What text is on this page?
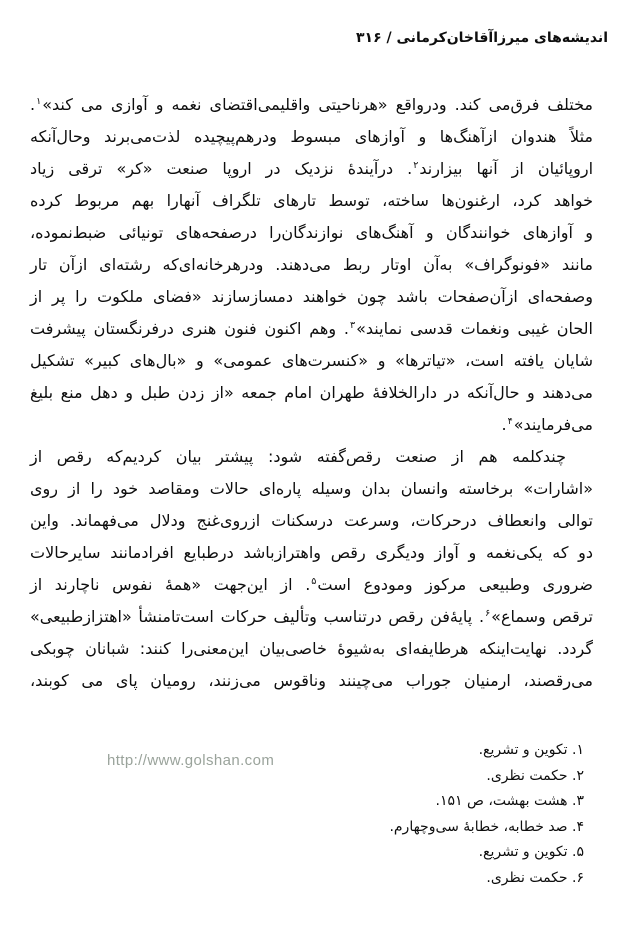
اندیشه‌های میرزاآقاخان‌کرمانی / ۳۱۶
مختلف فرق‌می کند. ودرواقع «هرناحیتی واقلیمی‌اقتضای نغمه و آوازی می کند»$^۱$.
مثلاً هندوان ازآهنگ‌ها و آوازهای مبسوط ودرهم‌پیچیده لذت‌می‌برند وحال‌آنکه
اروپائیان از آنها بیزارند$^۲$. درآیندۀ نزدیک در اروپا صنعت «کر» ترقی زیاد
خواهد کرد، ارغنون‌ها ساخته، توسط تارهای تلگراف آنهارا بهم مربوط کرده
و آوازهای خوانندگان و آهنگ‌های نوازندگان‌را درصفحه‌های تونیائی ضبط‌نموده،
مانند «فونوگراف» به‌آن اوتار ربط می‌دهند. ودرهرخانه‌ای‌که رشته‌ای ازآن تار
وصفحه‌ای ازآن‌صفحات باشد چون خواهند دمسازسازند «فضای ملکوت را پر از
الحان غیبی ونغمات قدسی نمایند»$^۳$. وهم اکنون فنون هنری درفرنگستان پیشرفت
شایان یافته است، «تیاترها» و «کنسرت‌های عمومی» و «بال‌های کبیر» تشکیل
می‌دهند و حال‌آنکه در دارالخلافۀ طهران امام جمعه «از زدن طبل و دهل منع بلیغ
می‌فرمایند»$^۴$.
چندکلمه هم از صنعت رقص‌گفته شود: پیشتر بیان کردیم‌که رقص از
«اشارات» برخاسته وانسان بدان وسیله پاره‌ای حالات ومقاصد خود را از روی
توالی وانعطاف درحرکات، وسرعت درسکنات ازروی‌غنج ودلال می‌فهماند. واین
دو که یکی‌نغمه و آواز ودیگری رقص واهترازباشد درطبایع افرادمانند سایرحالات
ضروری وطبیعی مرکوز ومودوع است$^۵$. از این‌جهت «همۀ نفوس ناچارند از
ترقص وسماع»$^۶$. پایۀ‌فن رقص درتناسب وتألیف حرکات است‌تامنشأ «اهتزازطبیعی»
گردد. نهایت‌اینکه هرطایفه‌ای به‌شیوۀ خاصی‌بیان این‌معنی‌را کنند: شبانان چوبکی
می‌رقصند، ارمنیان جوراب می‌چینند وناقوس می‌زنند، رومیان پای می کوبند،
http://www.golshan.com
۱. تکوین و تشریع.
۲. حکمت نظری.
۳. هشت بهشت، ص ۱۵۱.
۴. صد خطابه، خطابۀ سی‌وچهارم.
۵. تکوین و تشریع.
۶. حکمت نظری.
